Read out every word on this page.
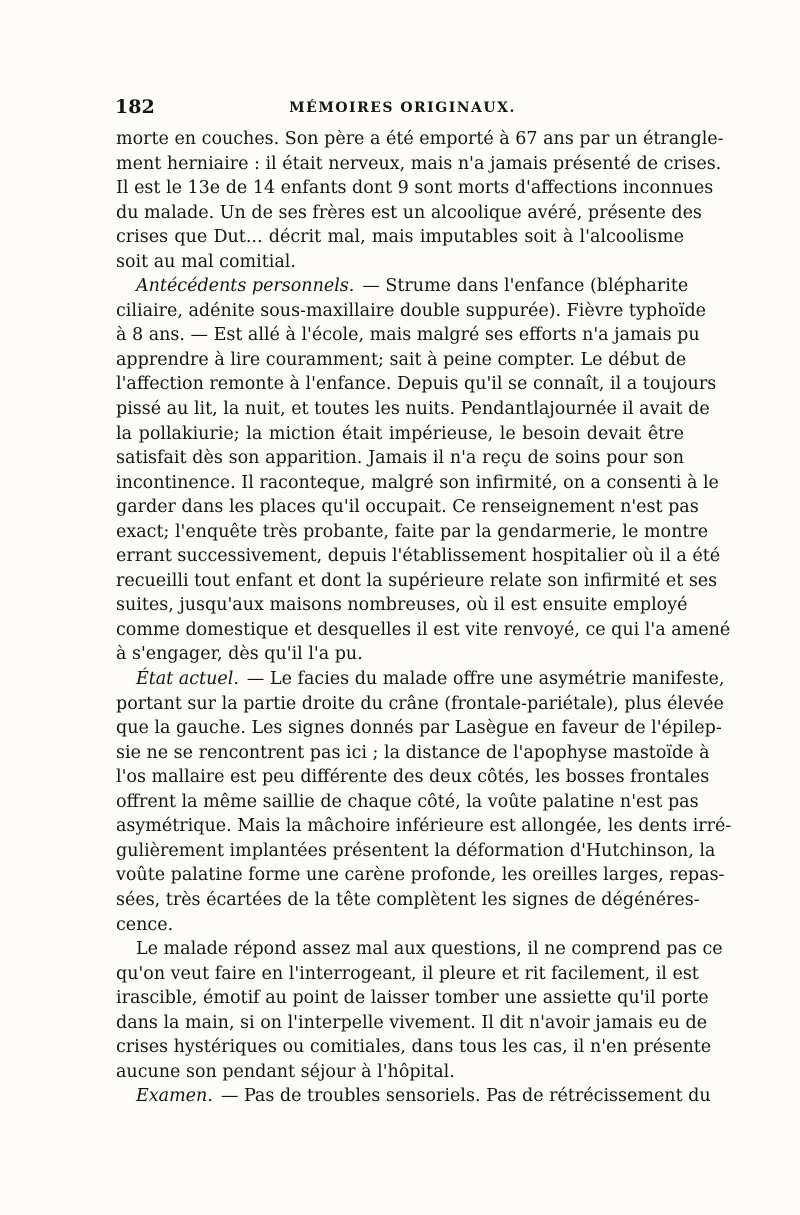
182	MÉMOIRES ORIGINAUX.
morte en couches. Son père a été emporté à 67 ans par un étrangle-
ment herniaire : il était nerveux, mais n'a jamais présenté de crises.
Il est le 13e de 14 enfants dont 9 sont morts d'affections inconnues
du malade. Un de ses frères est un alcoolique avéré, présente des
crises que Dut... décrit mal, mais imputables soit à l'alcoolisme
soit au mal comitial.
Antécédents personnels. — Strume dans l'enfance (blépharite
ciliaire, adénite sous-maxillaire double suppurée). Fièvre typhoïde
à 8 ans. — Est allé à l'école, mais malgré ses efforts n'a jamais pu
apprendre à lire couramment; sait à peine compter. Le début de
l'affection remonte à l'enfance. Depuis qu'il se connaît, il a toujours
pissé au lit, la nuit, et toutes les nuits. Pendantlajournée il avait de
la pollakiurie; la miction était impérieuse, le besoin devait être
satisfait dès son apparition. Jamais il n'a reçu de soins pour son
incontinence. Il raconteque, malgré son infirmité, on a consenti à le
garder dans les places qu'il occupait. Ce renseignement n'est pas
exact; l'enquête très probante, faite par la gendarmerie, le montre
errant successivement, depuis l'établissement hospitalier où il a été
recueilli tout enfant et dont la supérieure relate son infirmité et ses
suites, jusqu'aux maisons nombreuses, où il est ensuite employé
comme domestique et desquelles il est vite renvoyé, ce qui l'a amené
à s'engager, dès qu'il l'a pu.
État actuel. — Le facies du malade offre une asymétrie manifeste,
portant sur la partie droite du crâne (frontale-pariétale), plus élevée
que la gauche. Les signes donnés par Lasègue en faveur de l'épilep-
sie ne se rencontrent pas ici ; la distance de l'apophyse mastoïde à
l'os mallaire est peu différente des deux côtés, les bosses frontales
offrent la même saillie de chaque côté, la voûte palatine n'est pas
asymétrique. Mais la mâchoire inférieure est allongée, les dents irré-
gulièrement implantées présentent la déformation d'Hutchinson, la
voûte palatine forme une carène profonde, les oreilles larges, repas-
sées, très écartées de la tête complètent les signes de dégénéres-
cence.
Le malade répond assez mal aux questions, il ne comprend pas ce
qu'on veut faire en l'interrogeant, il pleure et rit facilement, il est
irascible, émotif au point de laisser tomber une assiette qu'il porte
dans la main, si on l'interpelle vivement. Il dit n'avoir jamais eu de
crises hystériques ou comitiales, dans tous les cas, il n'en présente
aucune son pendant séjour à l'hôpital.
Examen. — Pas de troubles sensoriels. Pas de rétrécissement du
